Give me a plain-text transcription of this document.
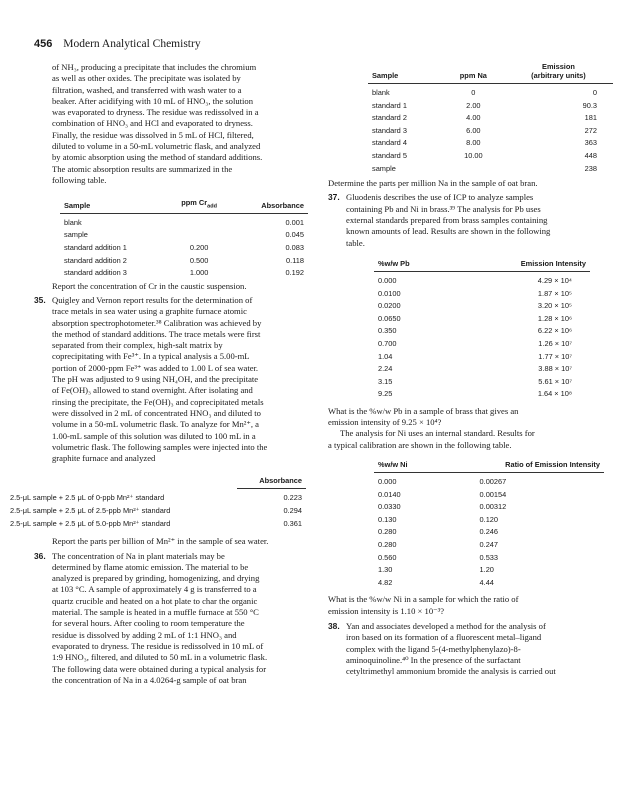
456 Modern Analytical Chemistry
of NH₃, producing a precipitate that includes the chromium
as well as other oxides. The precipitate was isolated by
filtration, washed, and transferred with wash water to a
beaker. After acidifying with 10 mL of HNO₃, the solution
was evaporated to dryness. The residue was redissolved in a
combination of HNO₃ and HCl and evaporated to dryness.
Finally, the residue was dissolved in 5 mL of HCl, filtered,
diluted to volume in a 50-mL volumetric flask, and analyzed
by atomic absorption using the method of standard additions.
The atomic absorption results are summarized in the
following table.
Sample	ppm $Cr_{add}$	Absorbance
blank		0.001
sample		0.045
standard addition 1	0.200	0.083
standard addition 2	0.500	0.118
standard addition 3	1.000	0.192
Report the concentration of Cr in the caustic suspension.
35. Quigley and Vernon report results for the determination of
trace metals in sea water using a graphite furnace atomic
absorption spectrophotometer.³⁸ Calibration was achieved by
the method of standard additions. The trace metals were first
separated from their complex, high-salt matrix by
coprecipitating with Fe³⁺. In a typical analysis a 5.00-mL
portion of 2000-ppm Fe³⁺ was added to 1.00 L of sea water.
The pH was adjusted to 9 using NH₄OH, and the precipitate
of Fe(OH)₃ allowed to stand overnight. After isolating and
rinsing the precipitate, the Fe(OH)₃ and coprecipitated metals
were dissolved in 2 mL of concentrated HNO₃ and diluted to
volume in a 50-mL volumetric flask. To analyze for Mn²⁺, a
1.00-mL sample of this solution was diluted to 100 mL in a
volumetric flask. The following samples were injected into the
graphite furnace and analyzed
	Absorbance
2.5-μL sample + 2.5 μL of 0-ppb Mn²⁺ standard	0.223
2.5-μL sample + 2.5 μL of 2.5-ppb Mn²⁺ standard	0.294
2.5-μL sample + 2.5 μL of 5.0-ppb Mn²⁺ standard	0.361
Report the parts per billion of Mn²⁺ in the sample of sea water.
36. The concentration of Na in plant materials may be
determined by flame atomic emission. The material to be
analyzed is prepared by grinding, homogenizing, and drying
at 103 °C. A sample of approximately 4 g is transferred to a
quartz crucible and heated on a hot plate to char the organic
material. The sample is heated in a muffle furnace at 550 °C
for several hours. After cooling to room temperature the
residue is dissolved by adding 2 mL of 1:1 HNO₃ and
evaporated to dryness. The residue is redissolved in 10 mL of
1:9 HNO₃, filtered, and diluted to 50 mL in a volumetric flask.
The following data were obtained during a typical analysis for
the concentration of Na in a 4.0264-g sample of oat bran
Sample	ppm Na	Emission
(arbitrary units)
blank	0	0
standard 1	2.00	90.3
standard 2	4.00	181
standard 3	6.00	272
standard 4	8.00	363
standard 5	10.00	448
sample		238
Determine the parts per million Na in the sample of oat bran.
37. Gluodenis describes the use of ICP to analyze samples
containing Pb and Ni in brass.³⁹ The analysis for Pb uses
external standards prepared from brass samples containing
known amounts of lead. Results are shown in the following
table.
%w/w Pb	Emission Intensity
0.000	4.29 × 10⁴
0.0100	1.87 × 10⁵
0.0200	3.20 × 10⁵
0.0650	1.28 × 10⁶
0.350	6.22 × 10⁶
0.700	1.26 × 10⁷
1.04	1.77 × 10⁷
2.24	3.88 × 10⁷
3.15	5.61 × 10⁷
9.25	1.64 × 10⁸
What is the %w/w Pb in a sample of brass that gives an
emission intensity of 9.25 × 10⁴?
The analysis for Ni uses an internal standard. Results for
a typical calibration are shown in the following table.
%w/w Ni	Ratio of Emission Intensity
0.000	0.00267
0.0140	0.00154
0.0330	0.00312
0.130	0.120
0.280	0.246
0.280	0.247
0.560	0.533
1.30	1.20
4.82	4.44
What is the %w/w Ni in a sample for which the ratio of
emission intensity is 1.10 × 10⁻³?
38. Yan and associates developed a method for the analysis of
iron based on its formation of a fluorescent metal–ligand
complex with the ligand 5-(4-methylphenylazo)-8-
aminoquinoline.⁴⁰ In the presence of the surfactant
cetyltrimethyl ammonium bromide the analysis is carried out
